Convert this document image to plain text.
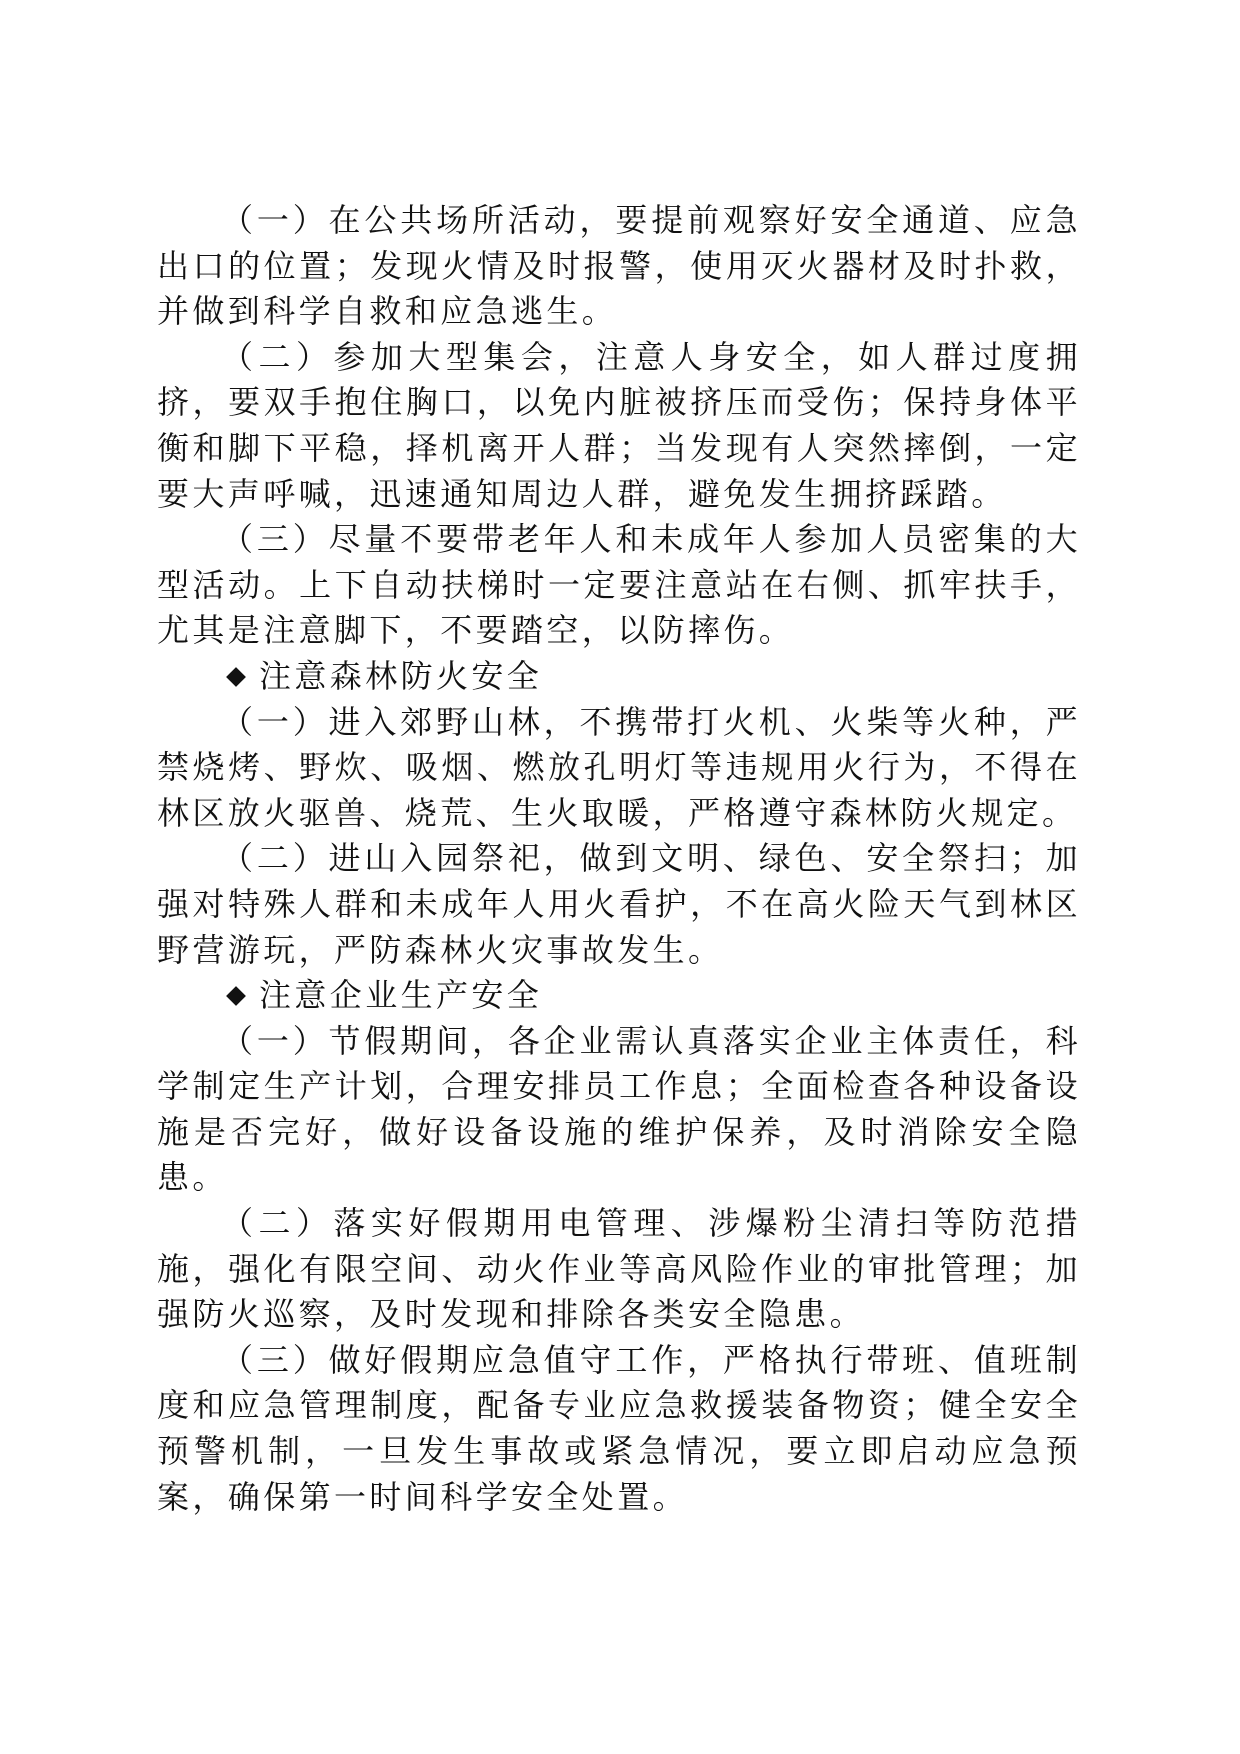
（一）在公共场所活动，要提前观察好安全通道、应急出口的位置；发现火情及时报警，使用灭火器材及时扑救，并做到科学自救和应急逃生。

（二）参加大型集会，注意人身安全，如人群过度拥挤，要双手抱住胸口，以免内脏被挤压而受伤；保持身体平衡和脚下平稳，择机离开人群；当发现有人突然摔倒，一定要大声呼喊，迅速通知周边人群，避免发生拥挤踩踏。

（三）尽量不要带老年人和未成年人参加人员密集的大型活动。上下自动扶梯时一定要注意站在右侧、抓牢扶手，尤其是注意脚下，不要踏空，以防摔伤。

注意森林防火安全

（一）进入郊野山林，不携带打火机、火柴等火种，严禁烧烤、野炊、吸烟、燃放孔明灯等违规用火行为，不得在林区放火驱兽、烧荒、生火取暖，严格遵守森林防火规定。

（二）进山入园祭祀，做到文明、绿色、安全祭扫；加强对特殊人群和未成年人用火看护，不在高火险天气到林区野营游玩，严防森林火灾事故发生。

注意企业生产安全

（一）节假期间，各企业需认真落实企业主体责任，科学制定生产计划，合理安排员工作息；全面检查各种设备设施是否完好，做好设备设施的维护保养，及时消除安全隐患。

（二）落实好假期用电管理、涉爆粉尘清扫等防范措施，强化有限空间、动火作业等高风险作业的审批管理；加强防火巡察，及时发现和排除各类安全隐患。

（三）做好假期应急值守工作，严格执行带班、值班制度和应急管理制度，配备专业应急救援装备物资；健全安全预警机制，一旦发生事故或紧急情况，要立即启动应急预案，确保第一时间科学安全处置。
